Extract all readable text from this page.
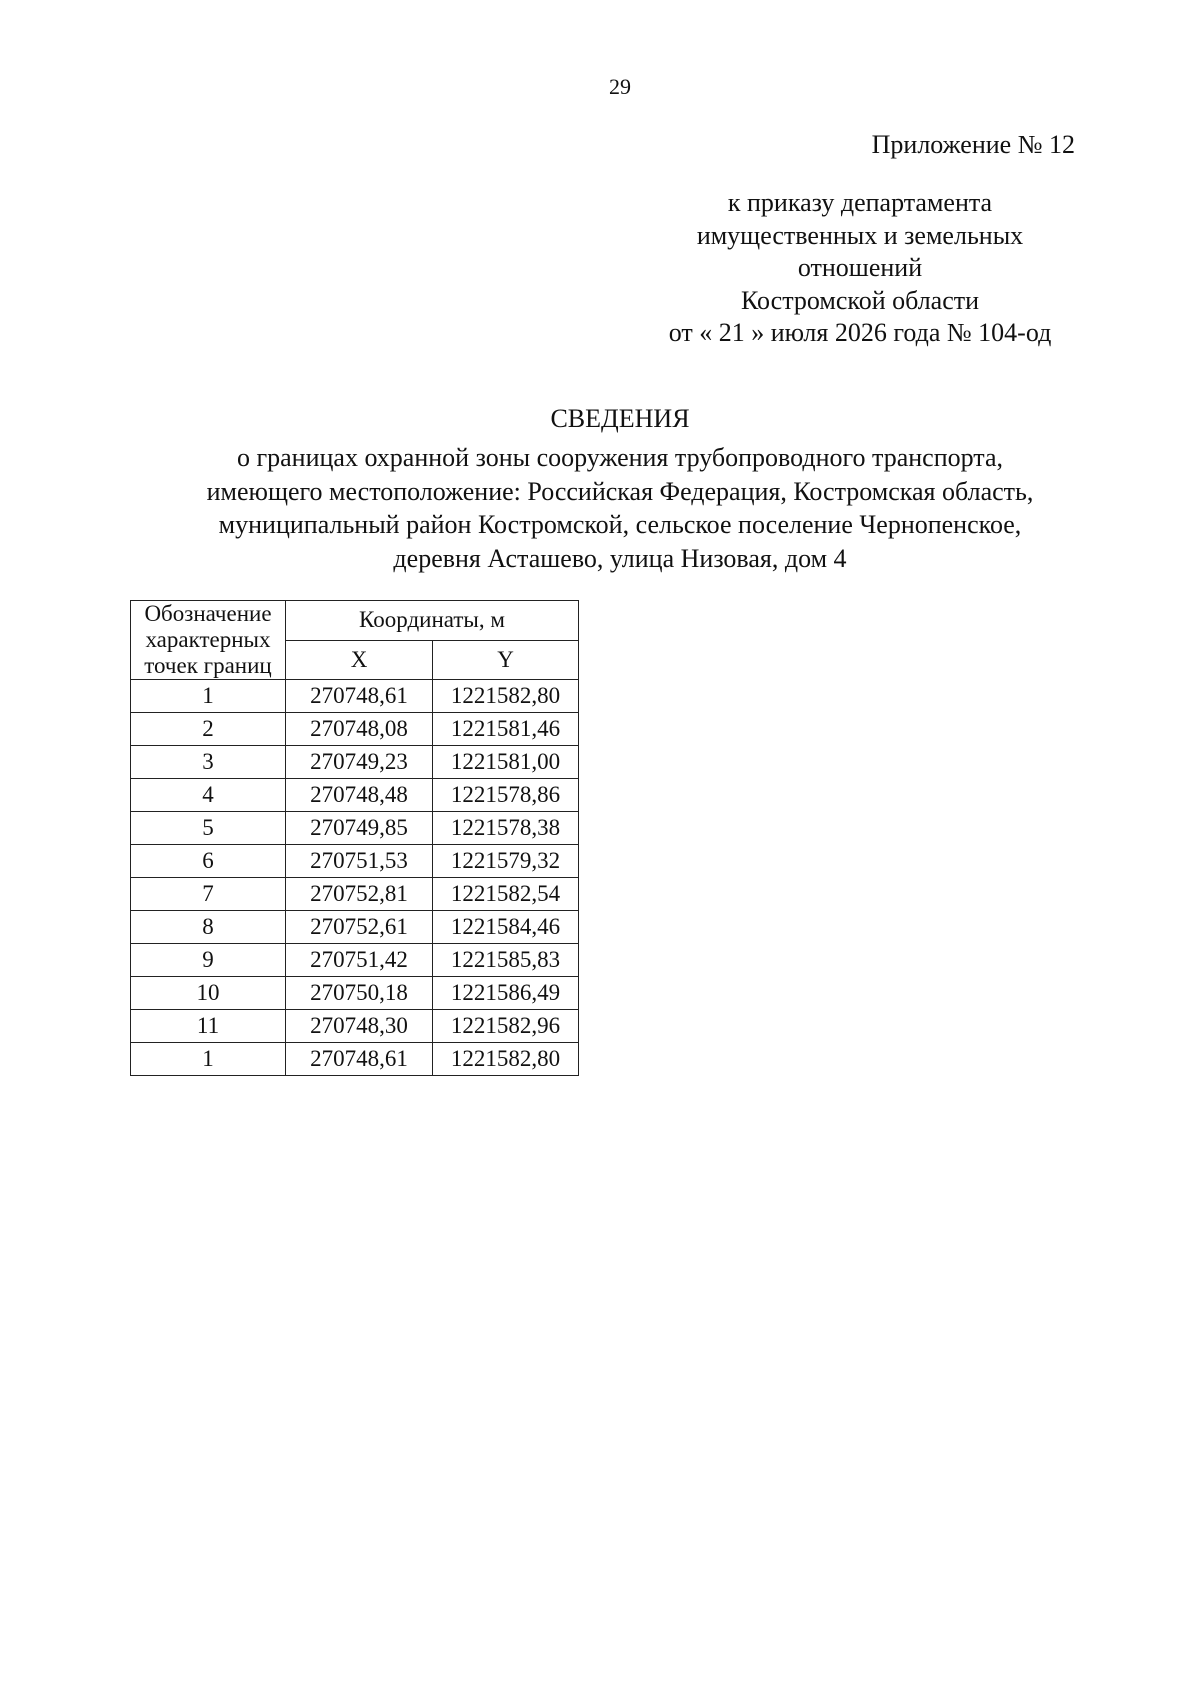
29
Приложение № 12
к приказу департамента
имущественных и земельных
отношений
Костромской области
от « 21 » июля 2026 года № 104-од
СВЕДЕНИЯ
о границах охранной зоны сооружения трубопроводного транспорта,
имеющего местоположение: Российская Федерация, Костромская область,
муниципальный район Костромской, сельское поселение Чернопенское,
деревня Асташево, улица Низовая, дом 4
Обозначение характерных точек границ	Координаты, м	
	X	Y
1	270748,61	1221582,80
2	270748,08	1221581,46
3	270749,23	1221581,00
4	270748,48	1221578,86
5	270749,85	1221578,38
6	270751,53	1221579,32
7	270752,81	1221582,54
8	270752,61	1221584,46
9	270751,42	1221585,83
10	270750,18	1221586,49
11	270748,30	1221582,96
1	270748,61	1221582,80
